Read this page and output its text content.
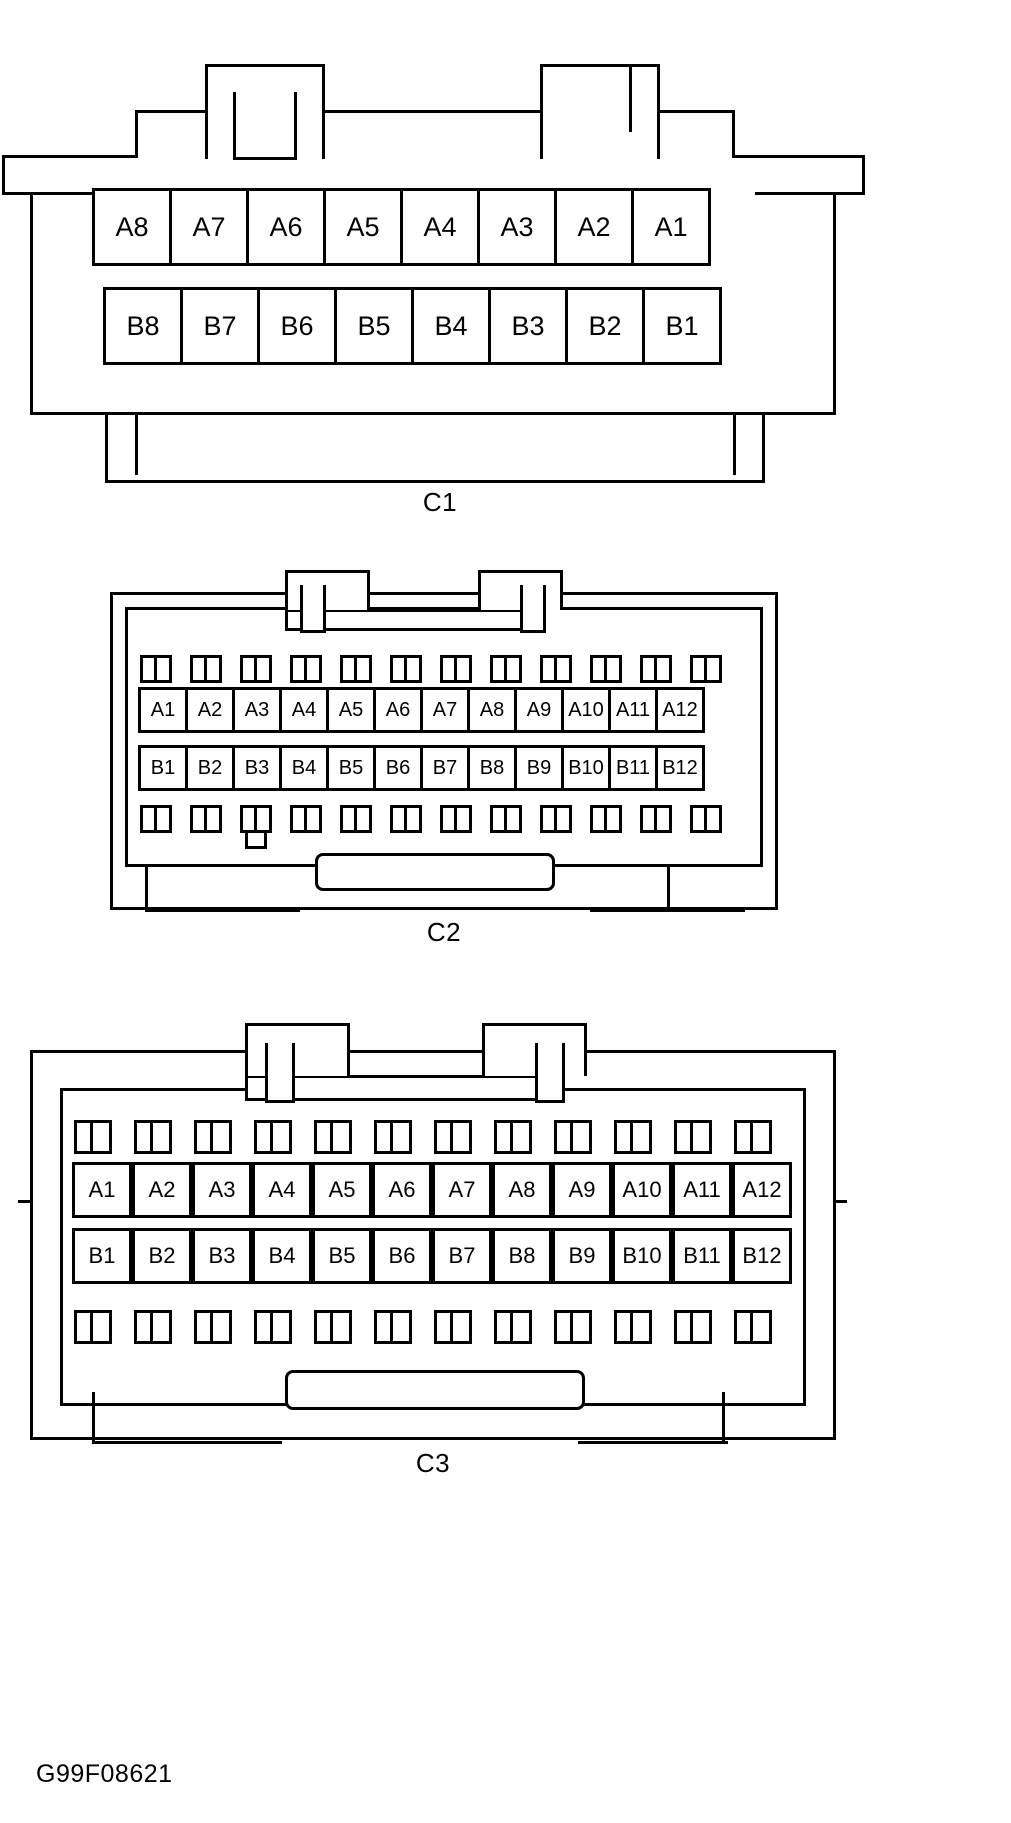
A8	A7	A6	A5	A4	A3	A2	A1
B8	B7	B6	B5	B4	B3	B2	B1
C1
A1	A2	A3	A4	A5	A6	A7	A8	A9 A10 A11 A12
B1	B2	B3	B4	B5	B6	B7	B8	B9 B10 B11 B12
C2
A1	A2	A3	A4	A5	A6	A7	A8	A9	A10 A11 A12
B1	B2	B3	B4	B5	B6	B7	B8	B9	B10 B11 B12
C3
G99F08621
